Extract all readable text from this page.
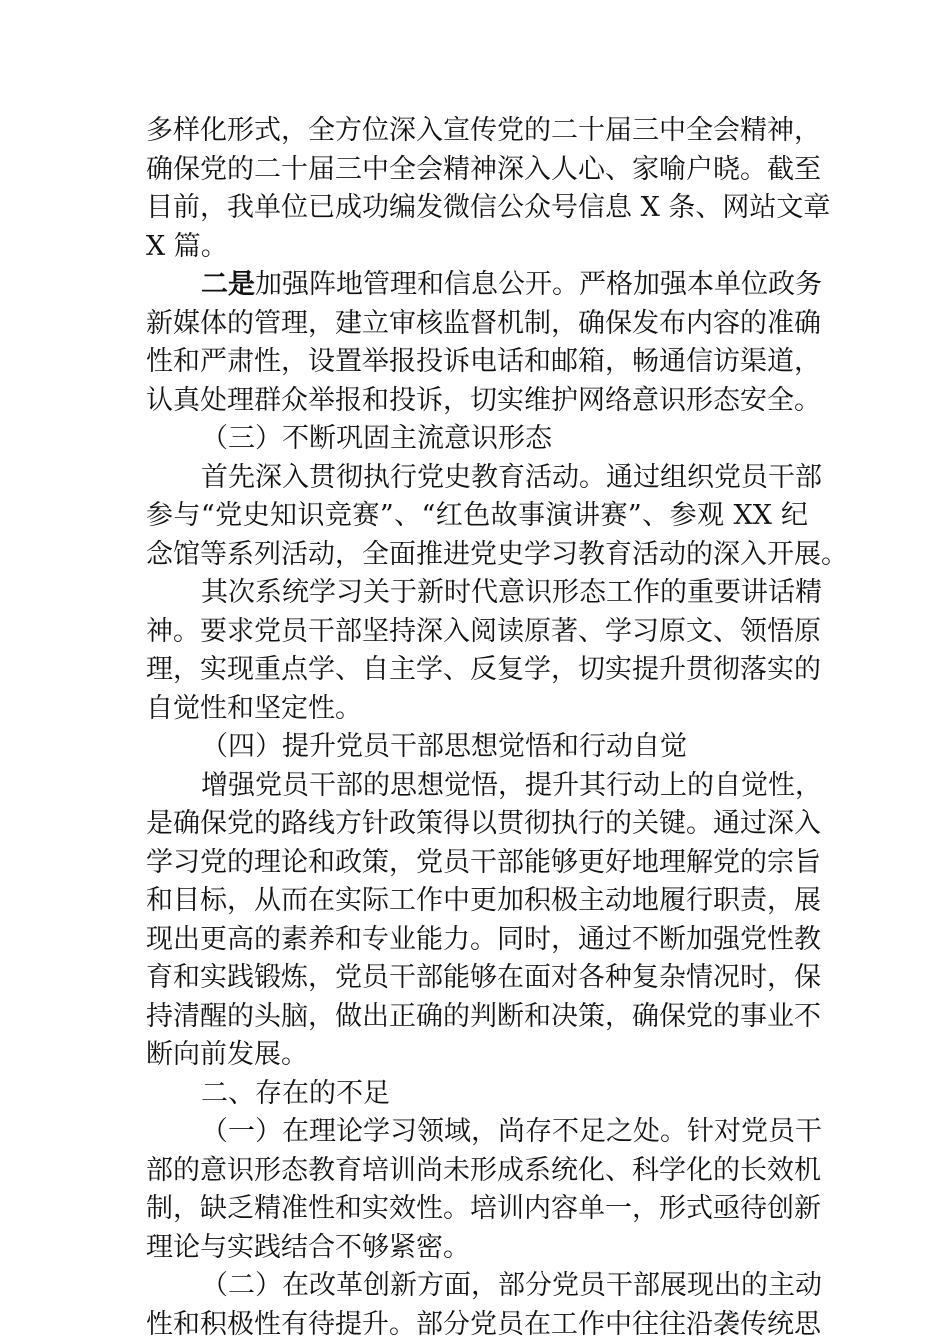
多样化形式，全方位深入宣传党的二十届三中全会精神，
确保党的二十届三中全会精神深入人心、家喻户晓。截至
目前，我单位已成功编发微信公众号信息 X 条、网站文章
X 篇。
二是加强阵地管理和信息公开。严格加强本单位政务
新媒体的管理，建立审核监督机制，确保发布内容的准确
性和严肃性，设置举报投诉电话和邮箱，畅通信访渠道，
认真处理群众举报和投诉，切实维护网络意识形态安全。
（三）不断巩固主流意识形态
首先深入贯彻执行党史教育活动。通过组织党员干部
参与“党史知识竞赛”、“红色故事演讲赛”、参观 XX 纪
念馆等系列活动，全面推进党史学习教育活动的深入开展。
其次系统学习关于新时代意识形态工作的重要讲话精
神。要求党员干部坚持深入阅读原著、学习原文、领悟原
理，实现重点学、自主学、反复学，切实提升贯彻落实的
自觉性和坚定性。
（四）提升党员干部思想觉悟和行动自觉
增强党员干部的思想觉悟，提升其行动上的自觉性，
是确保党的路线方针政策得以贯彻执行的关键。通过深入
学习党的理论和政策，党员干部能够更好地理解党的宗旨
和目标，从而在实际工作中更加积极主动地履行职责，展
现出更高的素养和专业能力。同时，通过不断加强党性教
育和实践锻炼，党员干部能够在面对各种复杂情况时，保
持清醒的头脑，做出正确的判断和决策，确保党的事业不
断向前发展。
二、存在的不足
（一）在理论学习领域，尚存不足之处。针对党员干
部的意识形态教育培训尚未形成系统化、科学化的长效机
制，缺乏精准性和实效性。培训内容单一，形式亟待创新
理论与实践结合不够紧密。
（二）在改革创新方面，部分党员干部展现出的主动
性和积极性有待提升。部分党员在工作中往往沿袭传统思
